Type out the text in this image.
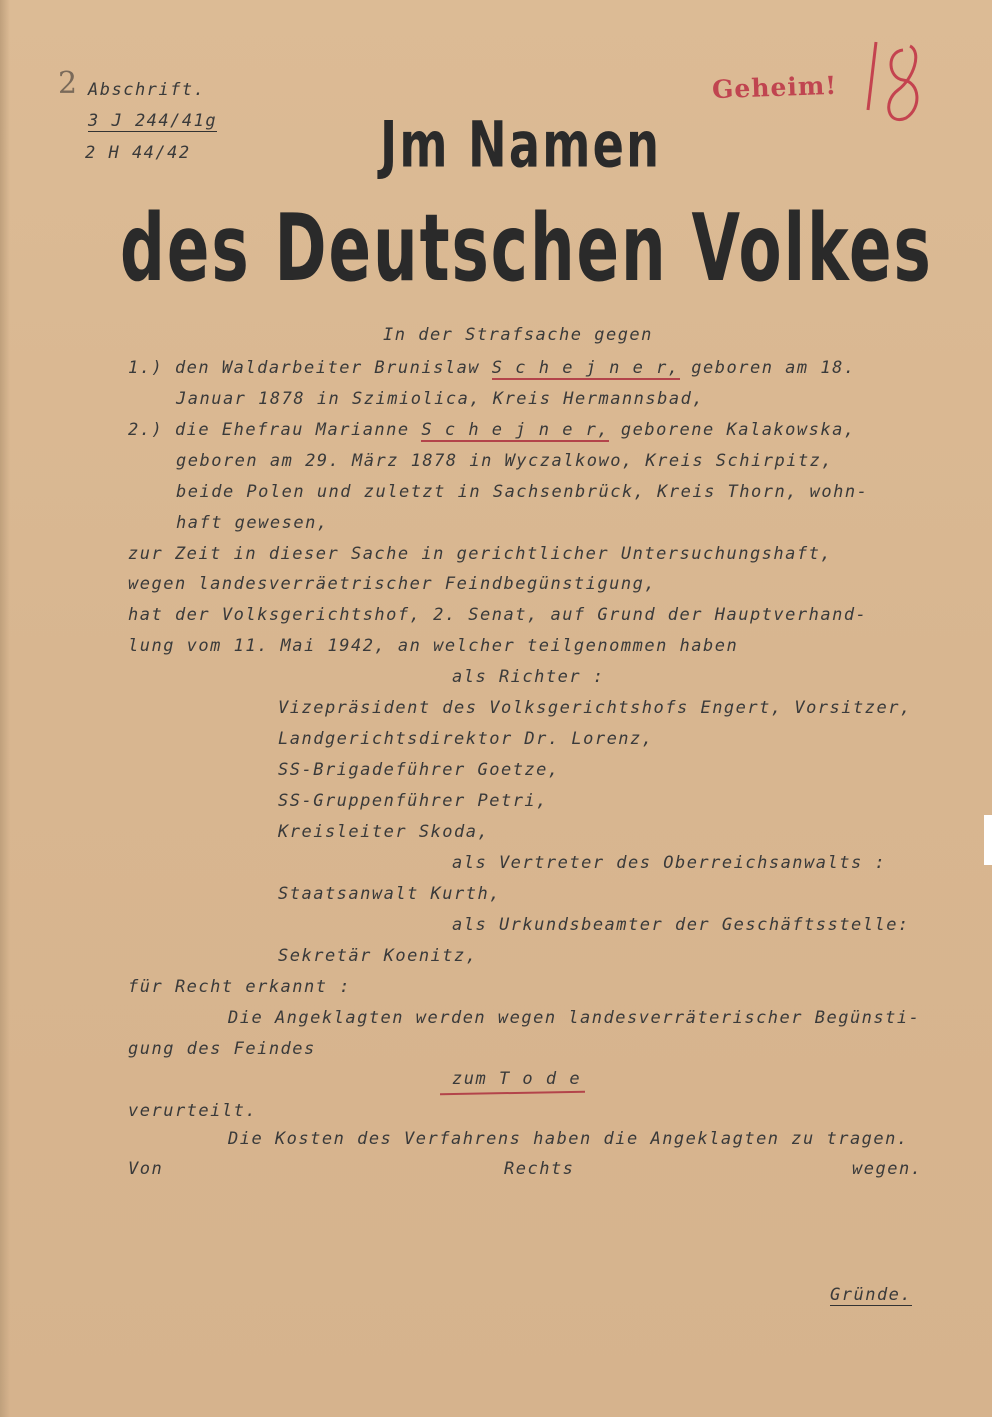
2 Abschrift.
3 J 244/41g
2 H 44/42
Geheim!
Jm Namen
des Deutschen Volkes
In der Strafsache gegen
1.) den Waldarbeiter Brunislaw S c h e j n e r, geboren am 18.
Januar 1878 in Szimiolica, Kreis Hermannsbad,
2.) die Ehefrau Marianne S c h e j n e r, geborene Kalakowska,
geboren am 29. März 1878 in Wyczalkowo, Kreis Schirpitz,
beide Polen und zuletzt in Sachsenbrück, Kreis Thorn, wohn-
haft gewesen,
zur Zeit in dieser Sache in gerichtlicher Untersuchungshaft,
wegen landesverräetrischer Feindbegünstigung,
hat der Volksgerichtshof, 2. Senat, auf Grund der Hauptverhand-
lung vom 11. Mai 1942, an welcher teilgenommen haben
als Richter :
Vizepräsident des Volksgerichtshofs Engert, Vorsitzer,
Landgerichtsdirektor Dr. Lorenz,
SS-Brigadeführer Goetze,
SS-Gruppenführer Petri,
Kreisleiter Skoda,
als Vertreter des Oberreichsanwalts :
Staatsanwalt Kurth,
als Urkundsbeamter der Geschäftsstelle:
Sekretär Koenitz,
für Recht erkannt :
Die Angeklagten werden wegen landesverräterischer Begünsti-
gung des Feindes
zum T o d e
verurteilt.
Die Kosten des Verfahrens haben die Angeklagten zu tragen.
Von	Rechts	wegen.
Gründe.
